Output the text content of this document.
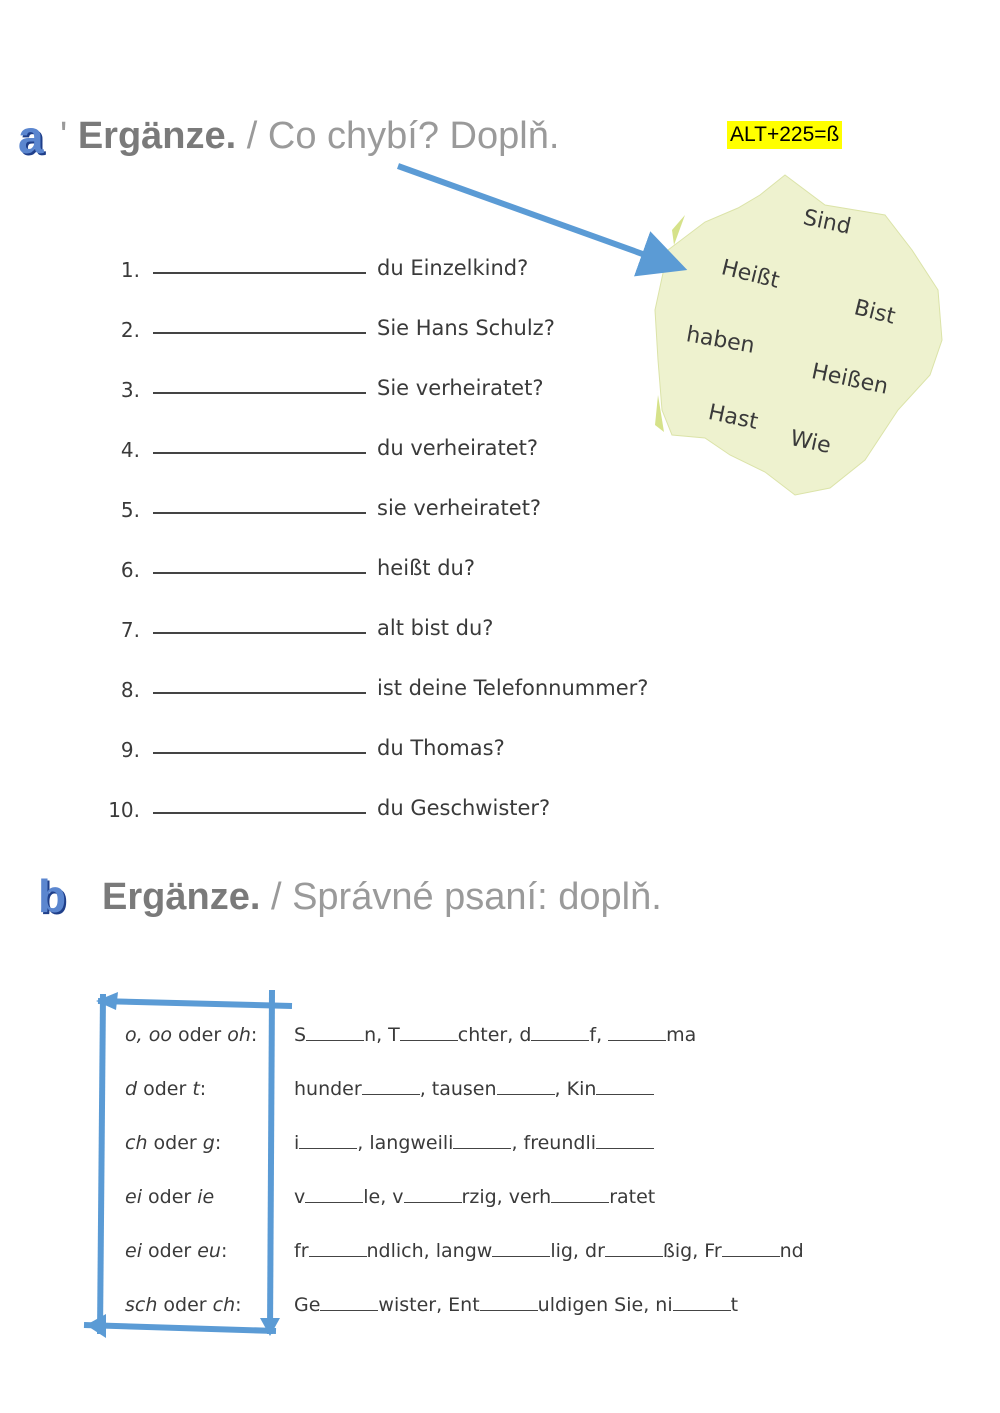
a ' Ergänze. / Co chybí? Doplň.	ALT+225=ß
Sind
Heißt
Bist
haben
Heißen
Hast
Wie
1.	du Einzelkind?
2.	Sie Hans Schulz?
3.	Sie verheiratet?
4.	du verheiratet?
5.	sie verheiratet?
6.	heißt du?
7.	alt bist du?
8.	ist deine Telefonnummer?
9.	du Thomas?
10.	du Geschwister?
b Ergänze. / Správné psaní: doplň.
o, oo oder oh: S	n, T	chter, d	f,	ma
d oder t:	hunder	, tausen	, Kin
ch oder g:	i	, langweili	, freundli
ei oder ie	v	le, v	rzig, verh	ratet
ei oder eu:	fr	ndlich, langw	lig, dr	ßig, Fr	nd
sch oder ch:	Ge	wister, Ent	uldigen Sie, ni	t
